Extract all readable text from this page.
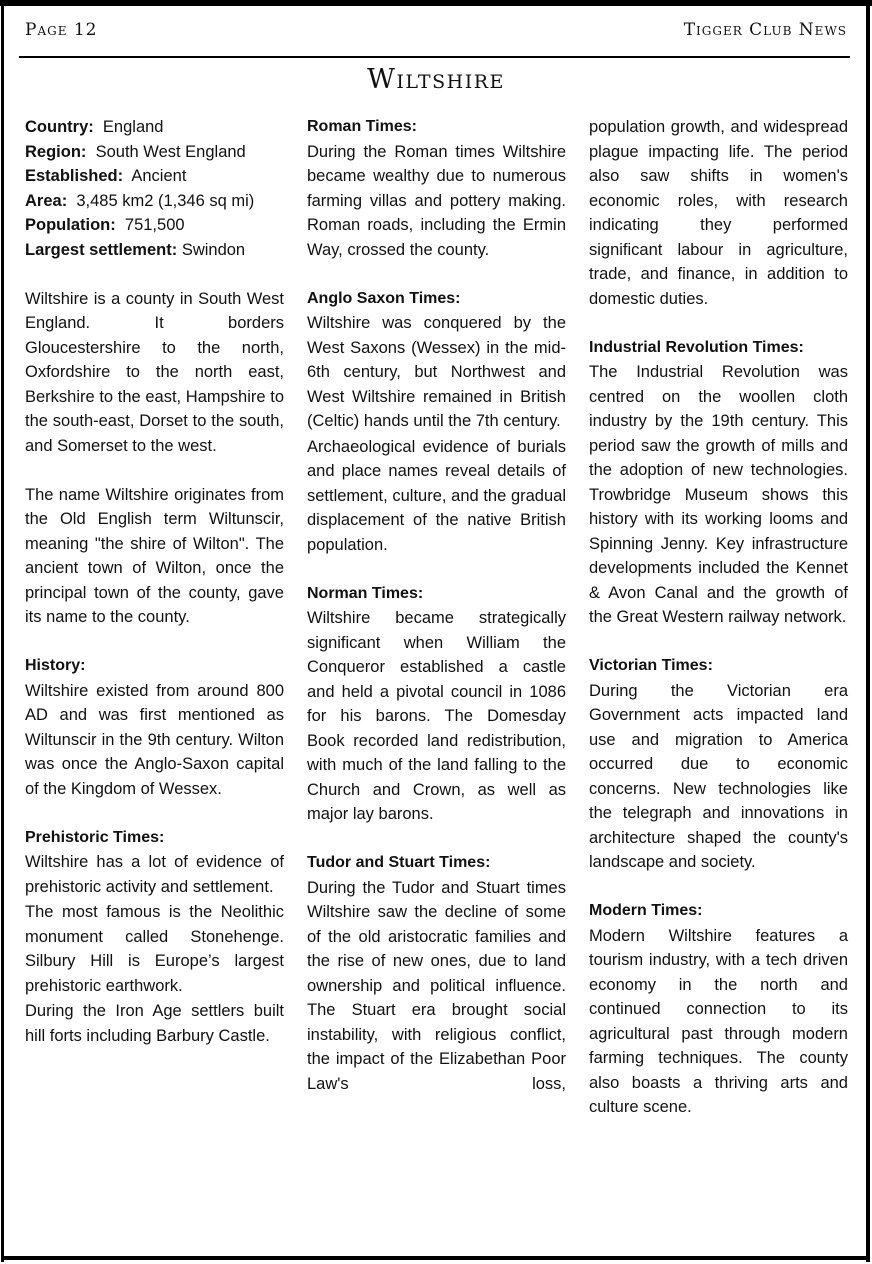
Page 12	Tigger Club News
Wiltshire

Country: England

Region: South West England

Established: Ancient

Area: 3,485 km2 (1,346 sq mi)

Population: 751,500

Largest settlement: Swindon

Wiltshire is a county in South West England. It borders Gloucestershire to the north, Oxfordshire to the north east, Berkshire to the east, Hampshire to the south-east, Dorset to the south, and Somerset to the west.

The name Wiltshire originates from the Old English term Wiltunscir, meaning "the shire of Wilton". The ancient town of Wilton, once the principal town of the county, gave its name to the county.

History:

Wiltshire existed from around 800 AD and was first mentioned as Wiltunscir in the 9th century. Wilton was once the Anglo-Saxon capital of the Kingdom of Wessex.

Prehistoric Times:

Wiltshire has a lot of evidence of prehistoric activity and settlement.

The most famous is the Neolithic monument called Stonehenge. Silbury Hill is Europe’s largest prehistoric earthwork.

During the Iron Age settlers built hill forts including Barbury Castle.

Roman Times:

During the Roman times Wiltshire became wealthy due to numerous farming villas and pottery making. Roman roads, including the Ermin Way, crossed the county.

Anglo Saxon Times:

Wiltshire was conquered by the West Saxons (Wessex) in the mid-6th century, but Northwest and West Wiltshire remained in British (Celtic) hands until the 7th century.

Archaeological evidence of burials and place names reveal details of settlement, culture, and the gradual displacement of the native British population.

Norman Times:

Wiltshire became strategically significant when William the Conqueror established a castle and held a pivotal council in 1086 for his barons. The Domesday Book recorded land redistribution, with much of the land falling to the Church and Crown, as well as major lay barons.

Tudor and Stuart Times:

During the Tudor and Stuart times Wiltshire saw the decline of some of the old aristocratic families and the rise of new ones, due to land ownership and political influence. The Stuart era brought social instability, with religious conflict, the impact of the Elizabethan Poor Law's loss,

population growth, and widespread plague impacting life. The period also saw shifts in women's economic roles, with research indicating they performed significant labour in agriculture, trade, and finance, in addition to domestic duties.

Industrial Revolution Times:

The Industrial Revolution was centred on the woollen cloth industry by the 19th century. This period saw the growth of mills and the adoption of new technologies. Trowbridge Museum shows this history with its working looms and Spinning Jenny. Key infrastructure developments included the Kennet & Avon Canal and the growth of the Great Western railway network.

Victorian Times:

During the Victorian era Government acts impacted land use and migration to America occurred due to economic concerns. New technologies like the telegraph and innovations in architecture shaped the county's landscape and society.

Modern Times:

Modern Wiltshire features a tourism industry, with a tech driven economy in the north and continued connection to its agricultural past through modern farming techniques. The county also boasts a thriving arts and culture scene.
